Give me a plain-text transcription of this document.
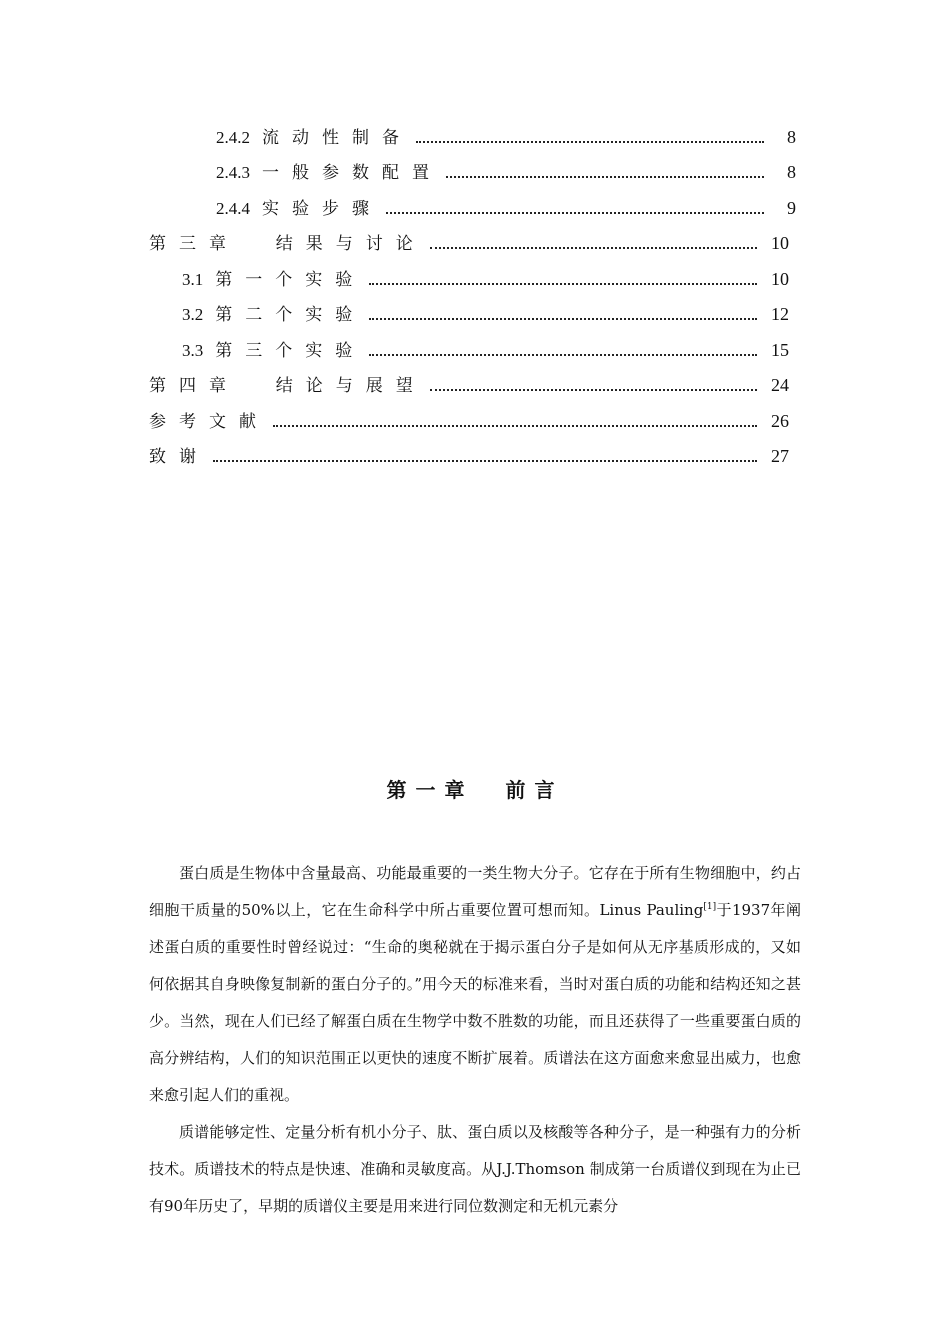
2.4.2 流动性制备	8
2.4.3 一般参数配置	8
2.4.4 实验步骤	9
第三章  结果与讨论	10
3.1 第一个实验	10
3.2 第二个实验	12
3.3 第三个实验	15
第四章  结论与展望	24
参考文献	26
致谢	27
第一章  前言

蛋白质是生物体中含量最高、功能最重要的一类生物大分子。它存在于所有生物细胞中，约占细胞干质量的50%以上，它在生命科学中所占重要位置可想而知。Linus Pauling[1]于1937年阐述蛋白质的重要性时曾经说过：“生命的奥秘就在于揭示蛋白分子是如何从无序基质形成的，又如何依据其自身映像复制新的蛋白分子的。”用今天的标准来看，当时对蛋白质的功能和结构还知之甚少。当然，现在人们已经了解蛋白质在生物学中数不胜数的功能，而且还获得了一些重要蛋白质的高分辨结构，人们的知识范围正以更快的速度不断扩展着。质谱法在这方面愈来愈显出威力，也愈来愈引起人们的重视。

质谱能够定性、定量分析有机小分子、肽、蛋白质以及核酸等各种分子，是一种强有力的分析技术。质谱技术的特点是快速、准确和灵敏度高。从J.J.Thomson 制成第一台质谱仪到现在为止已有90年历史了，早期的质谱仪主要是用来进行同位数测定和无机元素分
